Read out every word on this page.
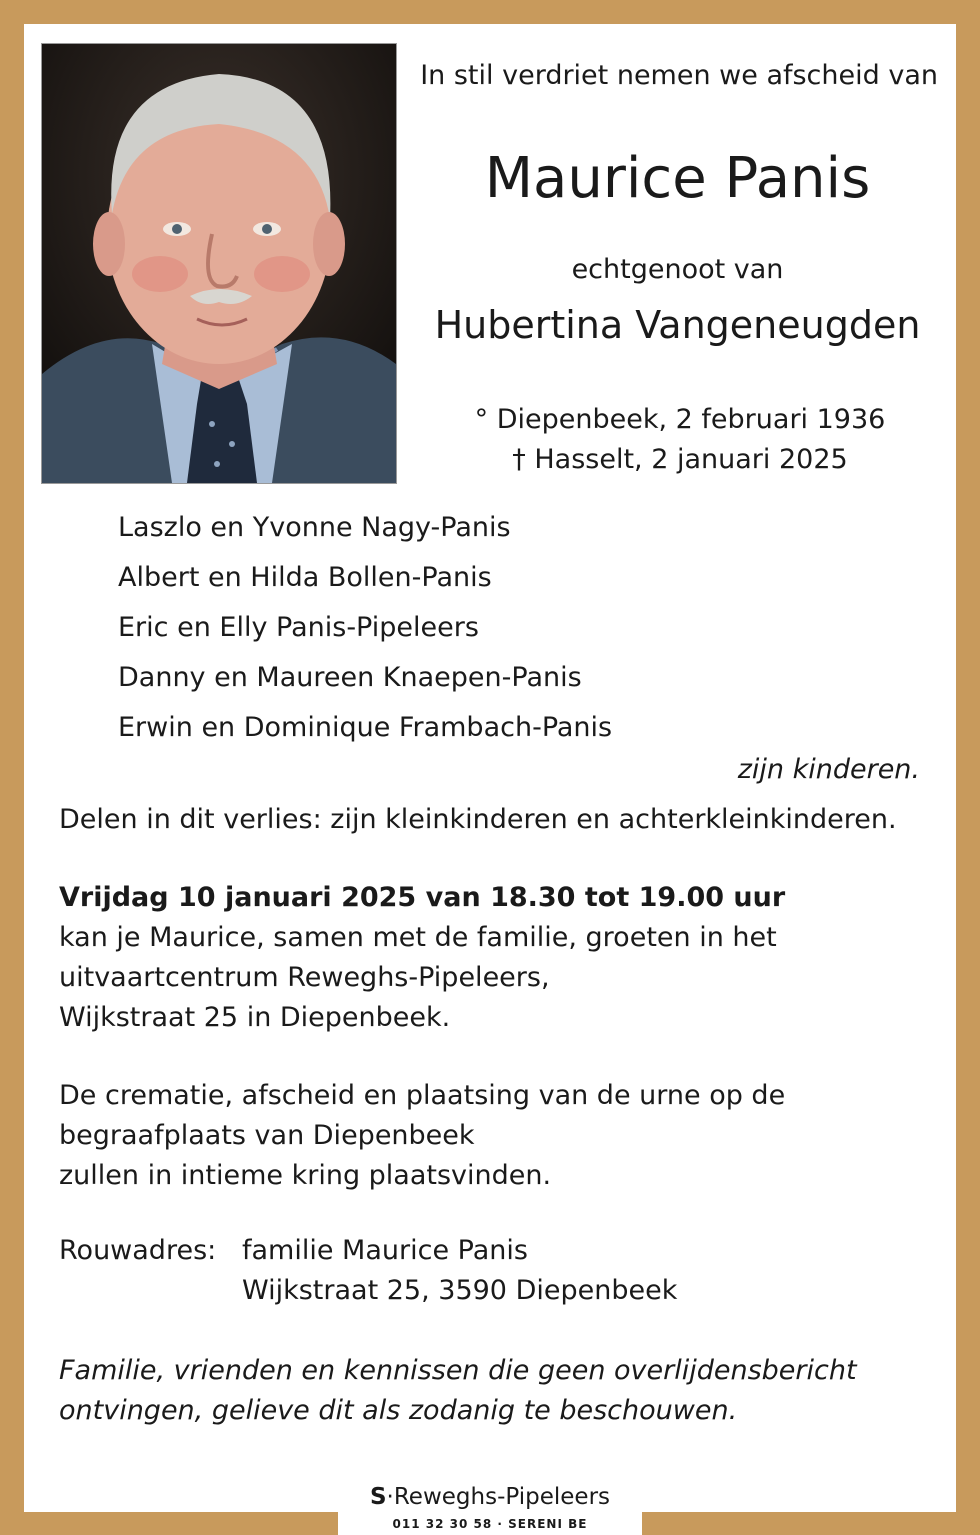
In stil verdriet nemen we afscheid van
Maurice Panis
echtgenoot van
Hubertina Vangeneugden
° Diepenbeek, 2 februari 1936
† Hasselt, 2 januari 2025
Laszlo en Yvonne Nagy-Panis
Albert en Hilda Bollen-Panis
Eric en Elly Panis-Pipeleers
Danny en Maureen Knaepen-Panis
Erwin en Dominique Frambach-Panis
zijn kinderen.
Delen in dit verlies: zijn kleinkinderen en achterkleinkinderen.
Vrijdag 10 januari 2025 van 18.30 tot 19.00 uur
kan je Maurice, samen met de familie, groeten in het
uitvaartcentrum Reweghs-Pipeleers,
Wijkstraat 25 in Diepenbeek.
De crematie, afscheid en plaatsing van de urne op de
begraafplaats van Diepenbeek
zullen in intieme kring plaatsvinden.
Rouwadres: familie Maurice Panis
Wijkstraat 25, 3590 Diepenbeek
Familie, vrienden en kennissen die geen overlijdensbericht
ontvingen, gelieve dit als zodanig te beschouwen.
S·Reweghs-Pipeleers
011 32 30 58 · SERENI BE
